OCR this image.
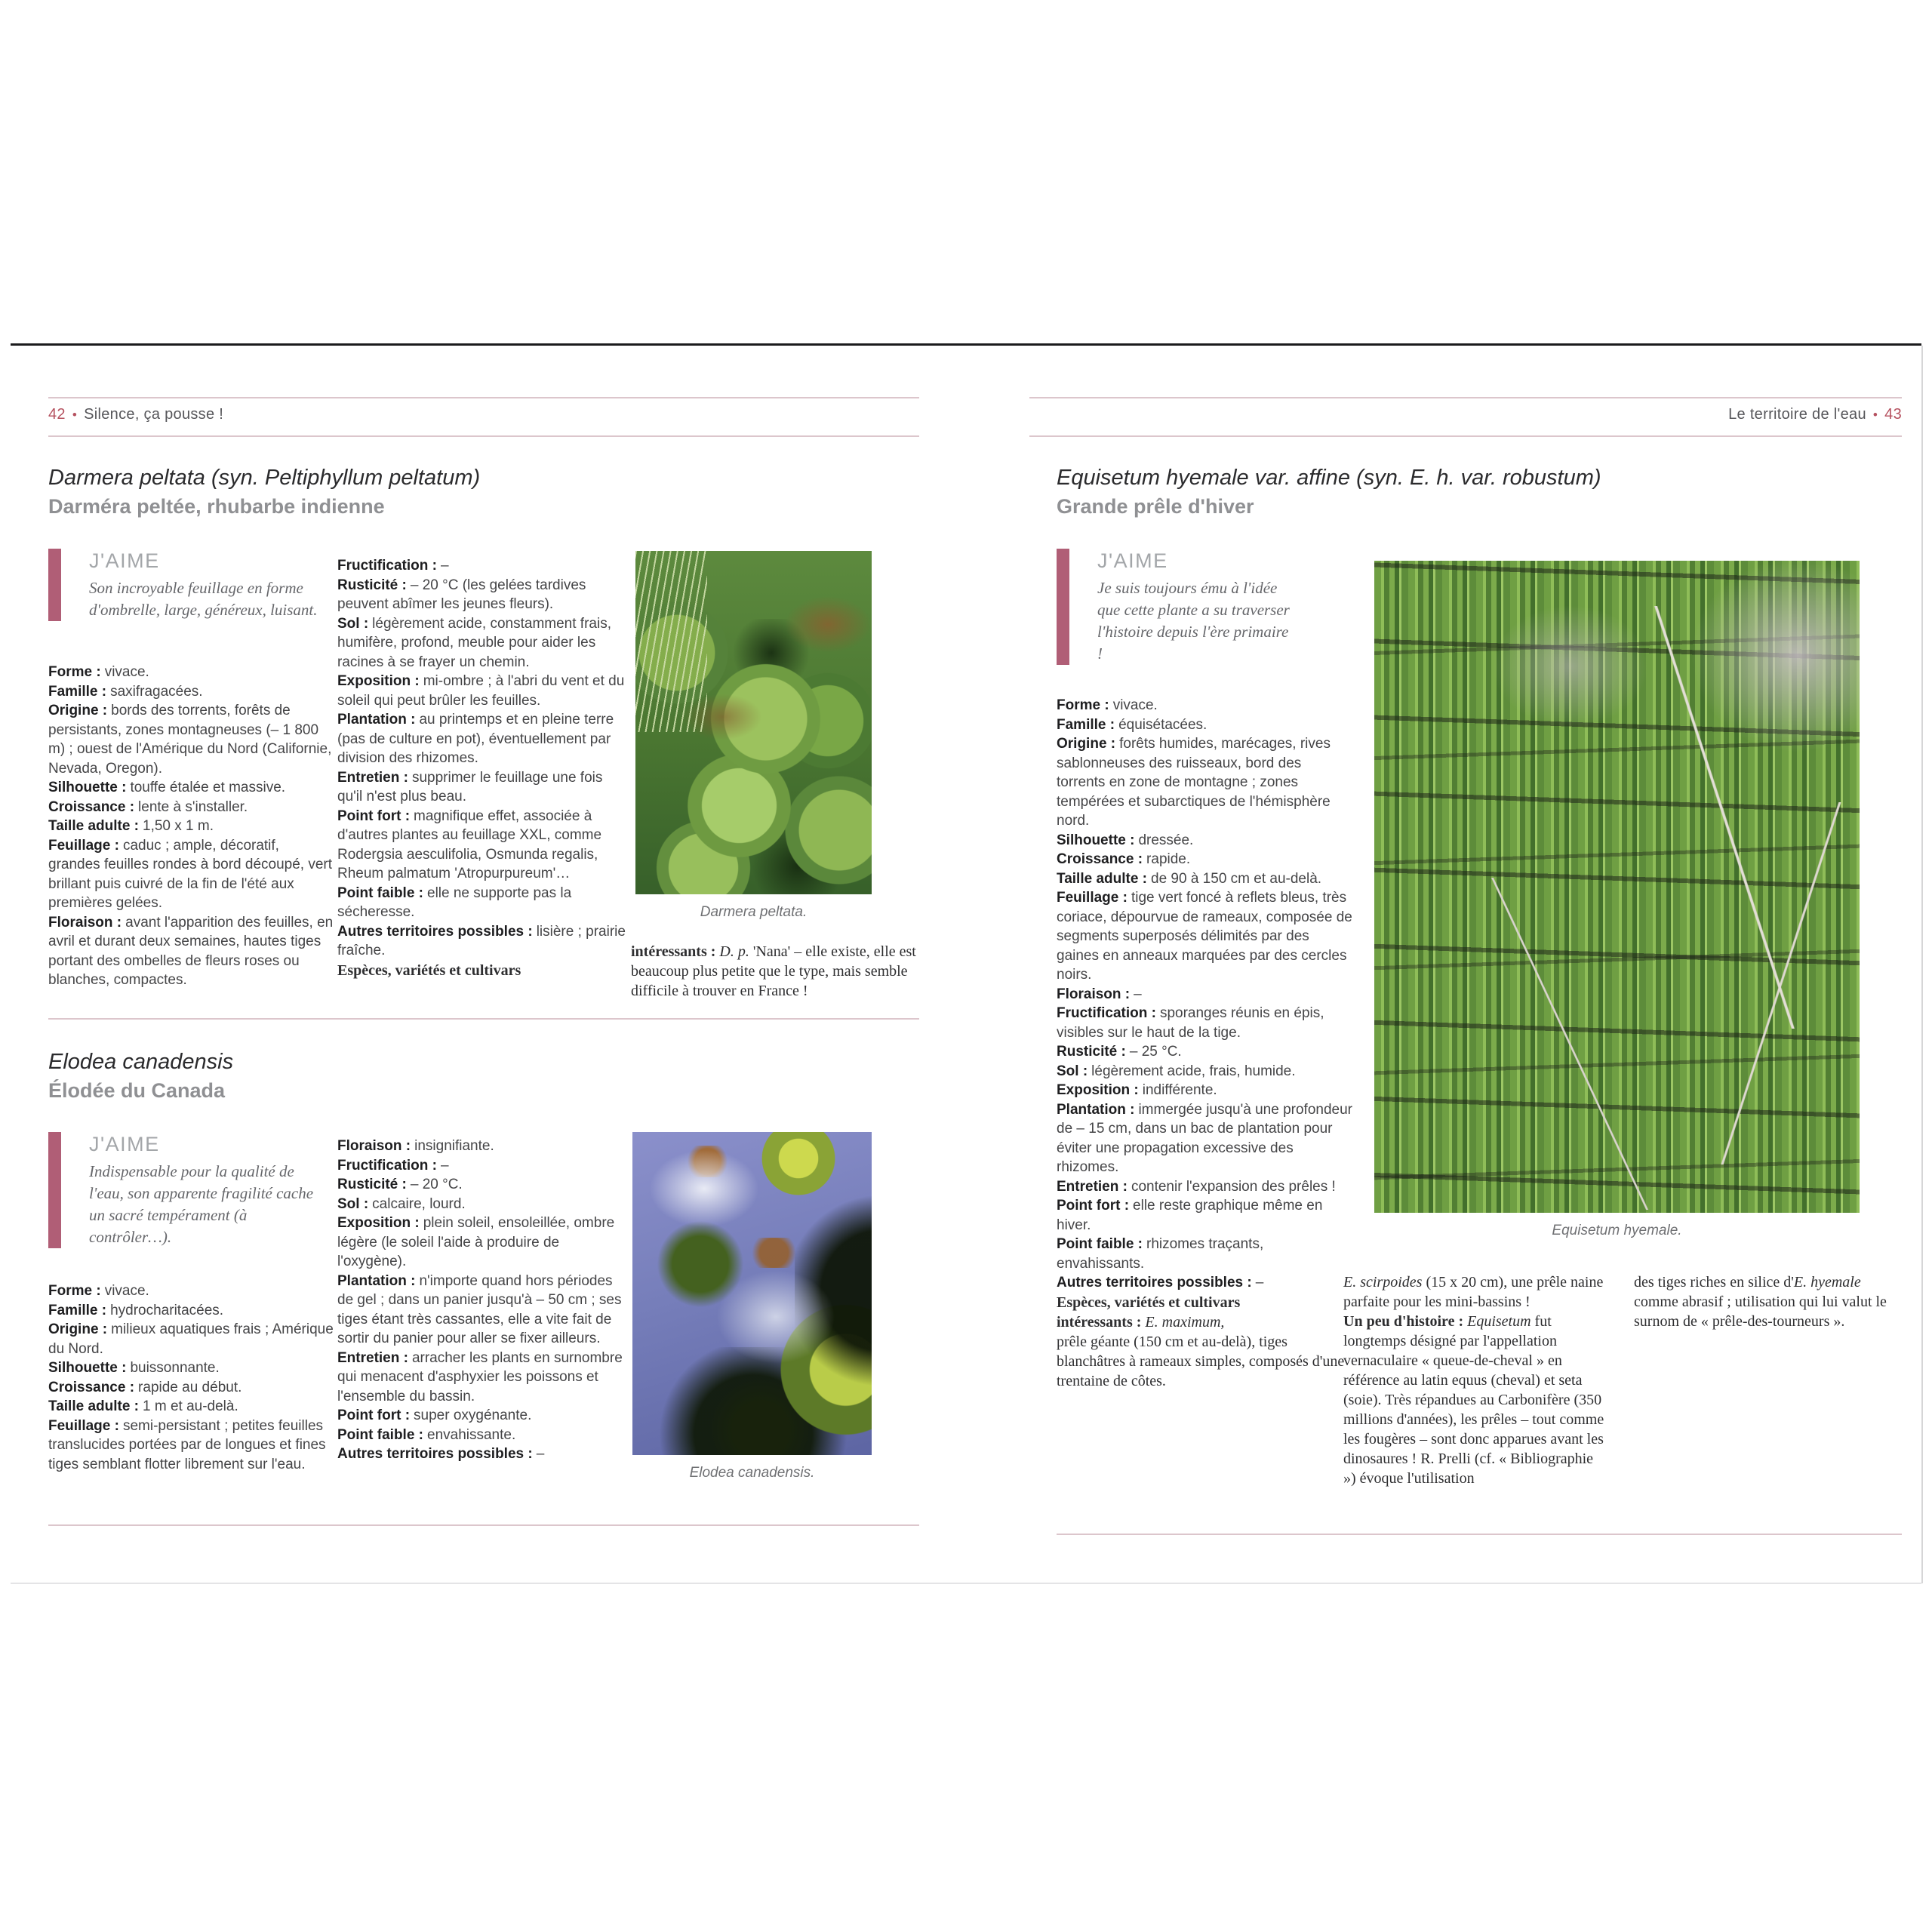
42 • Silence, ça pousse !
Darmera peltata (syn. Peltiphyllum peltatum)
Darméra peltée, rhubarbe indienne
J'AIME

Son incroyable feuillage en forme d'ombrelle, large, généreux, luisant.

Forme : vivace.

Famille : saxifragacées.

Origine : bords des torrents, forêts de persistants, zones montagneuses (– 1 800 m) ; ouest de l'Amérique du Nord (Californie, Nevada, Oregon).

Silhouette : touffe étalée et massive.

Croissance : lente à s'installer.

Taille adulte : 1,50 x 1 m.

Feuillage : caduc ; ample, décoratif, grandes feuilles rondes à bord découpé, vert brillant puis cuivré de la fin de l'été aux premières gelées.

Floraison : avant l'apparition des feuilles, en avril et durant deux semaines, hautes tiges portant des ombelles de fleurs roses ou blanches, compactes.

Fructification : –

Rusticité : – 20 °C (les gelées tardives peuvent abîmer les jeunes fleurs).

Sol : légèrement acide, constamment frais, humifère, profond, meuble pour aider les racines à se frayer un chemin.

Exposition : mi-ombre ; à l'abri du vent et du soleil qui peut brûler les feuilles.

Plantation : au printemps et en pleine terre (pas de culture en pot), éventuellement par division des rhizomes.

Entretien : supprimer le feuillage une fois qu'il n'est plus beau.

Point fort : magnifique effet, associée à d'autres plantes au feuillage XXL, comme Rodergsia aesculifolia, Osmunda regalis, Rheum palmatum 'Atropurpureum'…

Point faible : elle ne supporte pas la sécheresse.

Autres territoires possibles : lisière ; prairie fraîche.

Espèces, variétés et cultivars

Darmera peltata.

intéressants : D. p. 'Nana' – elle existe, elle est beaucoup plus petite que le type, mais semble difficile à trouver en France !

Elodea canadensis
Élodée du Canada
J'AIME

Indispensable pour la qualité de l'eau, son apparente fragilité cache un sacré tempérament (à contrôler…).

Forme : vivace.

Famille : hydrocharitacées.

Origine : milieux aquatiques frais ; Amérique du Nord.

Silhouette : buissonnante.

Croissance : rapide au début.

Taille adulte : 1 m et au-delà.

Feuillage : semi-persistant ; petites feuilles translucides portées par de longues et fines tiges semblant flotter librement sur l'eau.

Floraison : insignifiante.

Fructification : –

Rusticité : – 20 °C.

Sol : calcaire, lourd.

Exposition : plein soleil, ensoleillée, ombre légère (le soleil l'aide à produire de l'oxygène).

Plantation : n'importe quand hors périodes de gel ; dans un panier jusqu'à – 50 cm ; ses tiges étant très cassantes, elle a vite fait de sortir du panier pour aller se fixer ailleurs.

Entretien : arracher les plants en surnombre qui menacent d'asphyxier les poissons et l'ensemble du bassin.

Point fort : super oxygénante.

Point faible : envahissante.

Autres territoires possibles : –

Elodea canadensis.
Le territoire de l'eau • 43
Equisetum hyemale var. affine (syn. E. h. var. robustum)
Grande prêle d'hiver
J'AIME

Je suis toujours ému à l'idée que cette plante a su traverser l'histoire depuis l'ère primaire !

Forme : vivace.

Famille : équisétacées.

Origine : forêts humides, marécages, rives sablonneuses des ruisseaux, bord des torrents en zone de montagne ; zones tempérées et subarctiques de l'hémisphère nord.

Silhouette : dressée.

Croissance : rapide.

Taille adulte : de 90 à 150 cm et au-delà.

Feuillage : tige vert foncé à reflets bleus, très coriace, dépourvue de rameaux, composée de segments superposés délimités par des gaines en anneaux marquées par des cercles noirs.

Floraison : –

Fructification : sporanges réunis en épis, visibles sur le haut de la tige.

Rusticité : – 25 °C.

Sol : légèrement acide, frais, humide.

Exposition : indifférente.

Plantation : immergée jusqu'à une profondeur de – 15 cm, dans un bac de plantation pour éviter une propagation excessive des rhizomes.

Entretien : contenir l'expansion des prêles !

Point fort : elle reste graphique même en hiver.

Point faible : rhizomes traçants, envahissants.

Autres territoires possibles : –

Espèces, variétés et cultivars

intéressants : E. maximum,

prêle géante (150 cm et au-delà), tiges blanchâtres à rameaux simples, composés d'une trentaine de côtes.

Equisetum hyemale.

E. scirpoides (15 x 20 cm), une prêle naine parfaite pour les mini-bassins !

Un peu d'histoire : Equisetum fut longtemps désigné par l'appellation vernaculaire « queue-de-cheval » en référence au latin equus (cheval) et seta (soie). Très répandues au Carbonifère (350 millions d'années), les prêles – tout comme les fougères – sont donc apparues avant les dinosaures ! R. Prelli (cf. « Bibliographie ») évoque l'utilisation

des tiges riches en silice d'E. hyemale comme abrasif ; utilisation qui lui valut le surnom de « prêle-des-tourneurs ».
